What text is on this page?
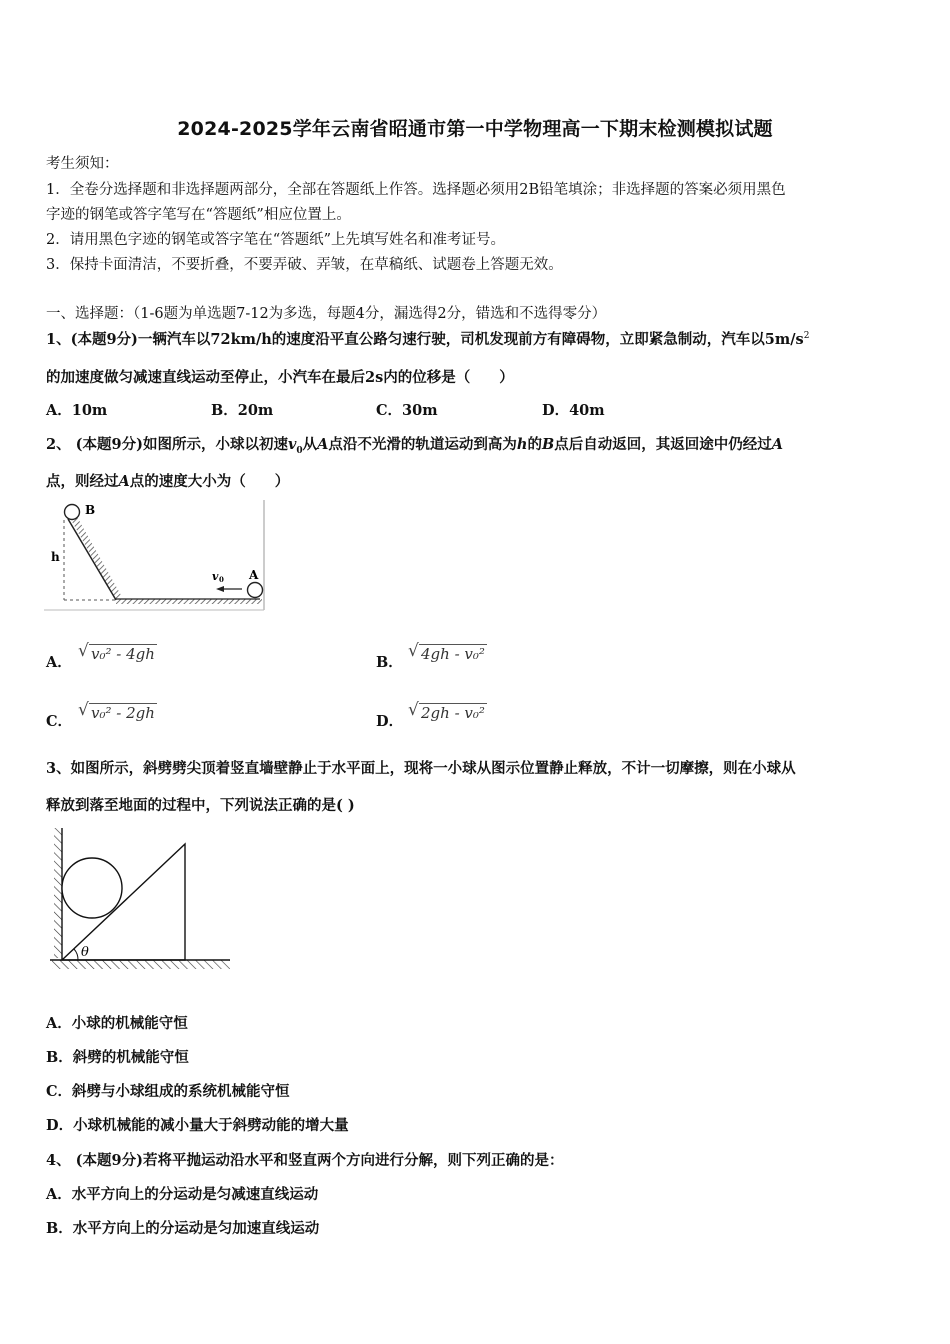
2024-2025学年云南省昭通市第一中学物理高一下期末检测模拟试题
考生须知：
1．全卷分选择题和非选择题两部分，全部在答题纸上作答。选择题必须用2B铅笔填涂；非选择题的答案必须用黑色
字迹的钢笔或答字笔写在“答题纸”相应位置上。
2．请用黑色字迹的钢笔或答字笔在“答题纸”上先填写姓名和准考证号。
3．保持卡面清洁，不要折叠，不要弄破、弄皱，在草稿纸、试题卷上答题无效。
一、选择题：（1-6题为单选题7-12为多选，每题4分，漏选得2分，错选和不选得零分）
1、(本题9分)一辆汽车以72km/h的速度沿平直公路匀速行驶，司机发现前方有障碍物，立即紧急制动，汽车以$5m/s^2$
的加速度做匀减速直线运动至停止，小汽车在最后2s内的位移是（　　）
A．10m	B．20m	C．30m	D．40m
2、 (本题9分)如图所示，小球以初速$v_0$从A点沿不光滑的轨道运动到高为h的B点后自动返回，其返回途中仍经过A
点，则经过A点的速度大小为（　　）
B
h
v 0 A
A．
√ v₀² - 4gh	B．
√ 4gh - v₀²
C．
√ v₀² - 2gh	D．
√ 2gh - v₀²
3、如图所示，斜劈劈尖顶着竖直墙壁静止于水平面上，现将一小球从图示位置静止释放，不计一切摩擦，则在小球从
释放到落至地面的过程中，下列说法正确的是( )
θ
A．小球的机械能守恒
B．斜劈的机械能守恒
C．斜劈与小球组成的系统机械能守恒
D．小球机械能的减小量大于斜劈动能的增大量
4、 (本题9分)若将平抛运动沿水平和竖直两个方向进行分解，则下列正确的是：
A．水平方向上的分运动是匀减速直线运动
B．水平方向上的分运动是匀加速直线运动
